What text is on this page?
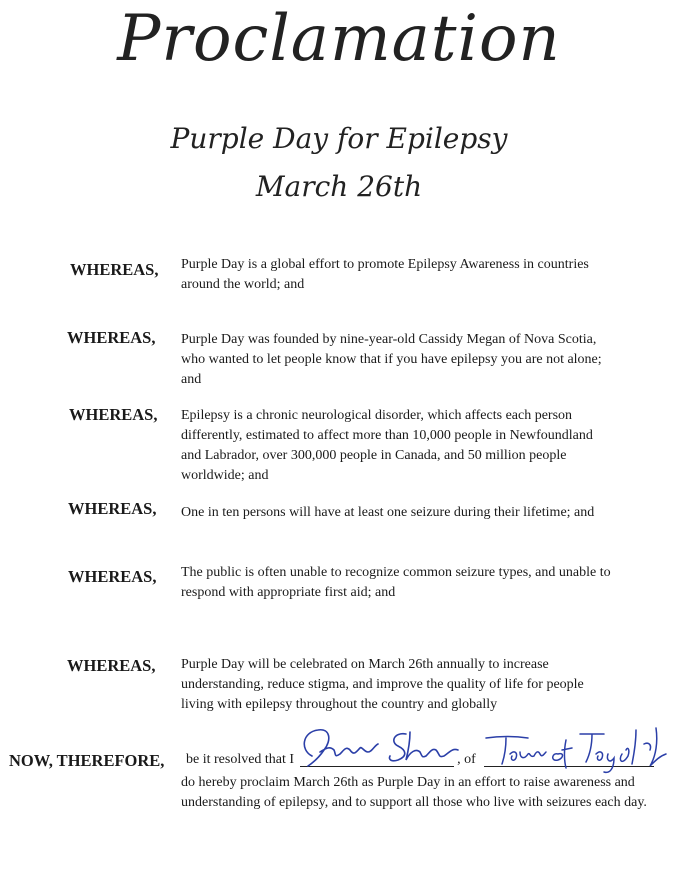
Proclamation
Purple Day for Epilepsy
March 26th
WHEREAS, Purple Day is a global effort to promote Epilepsy Awareness in countries around the world; and
WHEREAS, Purple Day was founded by nine-year-old Cassidy Megan of Nova Scotia, who wanted to let people know that if you have epilepsy you are not alone; and
WHEREAS, Epilepsy is a chronic neurological disorder, which affects each person differently, estimated to affect more than 10,000 people in Newfoundland and Labrador, over 300,000 people in Canada, and 50 million people worldwide; and
WHEREAS, One in ten persons will have at least one seizure during their lifetime; and
WHEREAS, The public is often unable to recognize common seizure types, and unable to respond with appropriate first aid; and
WHEREAS, Purple Day will be celebrated on March 26th annually to increase understanding, reduce stigma, and improve the quality of life for people living with epilepsy throughout the country and globally
NOW, THEREFORE, be it resolved that I	, of
do hereby proclaim March 26th as Purple Day in an effort to raise awareness and understanding of epilepsy, and to support all those who live with seizures each day.
